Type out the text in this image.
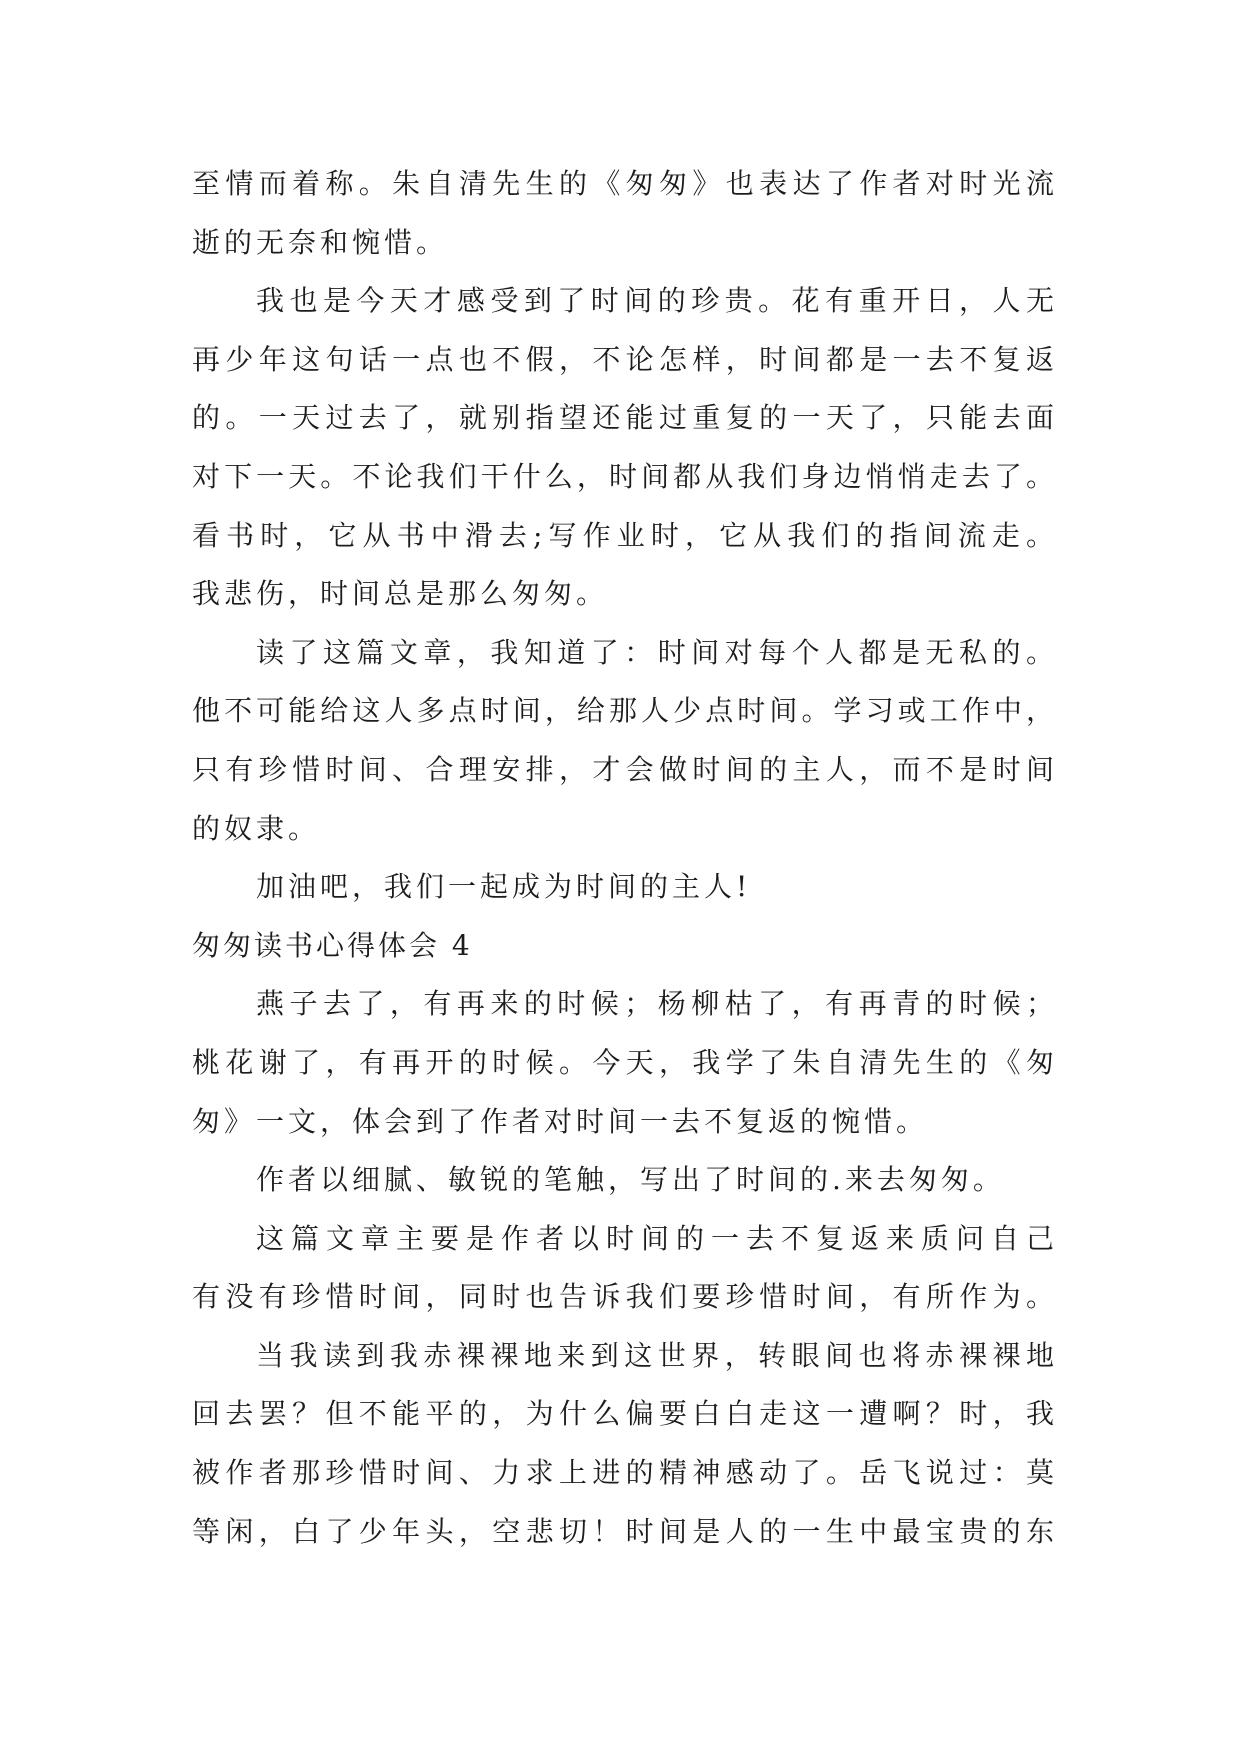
至情而着称。朱自清先生的《匆匆》也表达了作者对时光流
逝的无奈和惋惜。
我也是今天才感受到了时间的珍贵。花有重开日，人无
再少年这句话一点也不假，不论怎样，时间都是一去不复返
的。一天过去了，就别指望还能过重复的一天了，只能去面
对下一天。不论我们干什么，时间都从我们身边悄悄走去了。
看书时，它从书中滑去;写作业时，它从我们的指间流走。
我悲伤，时间总是那么匆匆。
读了这篇文章，我知道了：时间对每个人都是无私的。
他不可能给这人多点时间，给那人少点时间。学习或工作中，
只有珍惜时间、合理安排，才会做时间的主人，而不是时间
的奴隶。
加油吧，我们一起成为时间的主人!
匆匆读书心得体会 4
燕子去了，有再来的时候；杨柳枯了，有再青的时候；
桃花谢了，有再开的时候。今天，我学了朱自清先生的《匆
匆》一文，体会到了作者对时间一去不复返的惋惜。
作者以细腻、敏锐的笔触，写出了时间的.来去匆匆。
这篇文章主要是作者以时间的一去不复返来质问自己
有没有珍惜时间，同时也告诉我们要珍惜时间，有所作为。
当我读到我赤裸裸地来到这世界，转眼间也将赤裸裸地
回去罢？但不能平的，为什么偏要白白走这一遭啊？时，我
被作者那珍惜时间、力求上进的精神感动了。岳飞说过：莫
等闲，白了少年头，空悲切！时间是人的一生中最宝贵的东
